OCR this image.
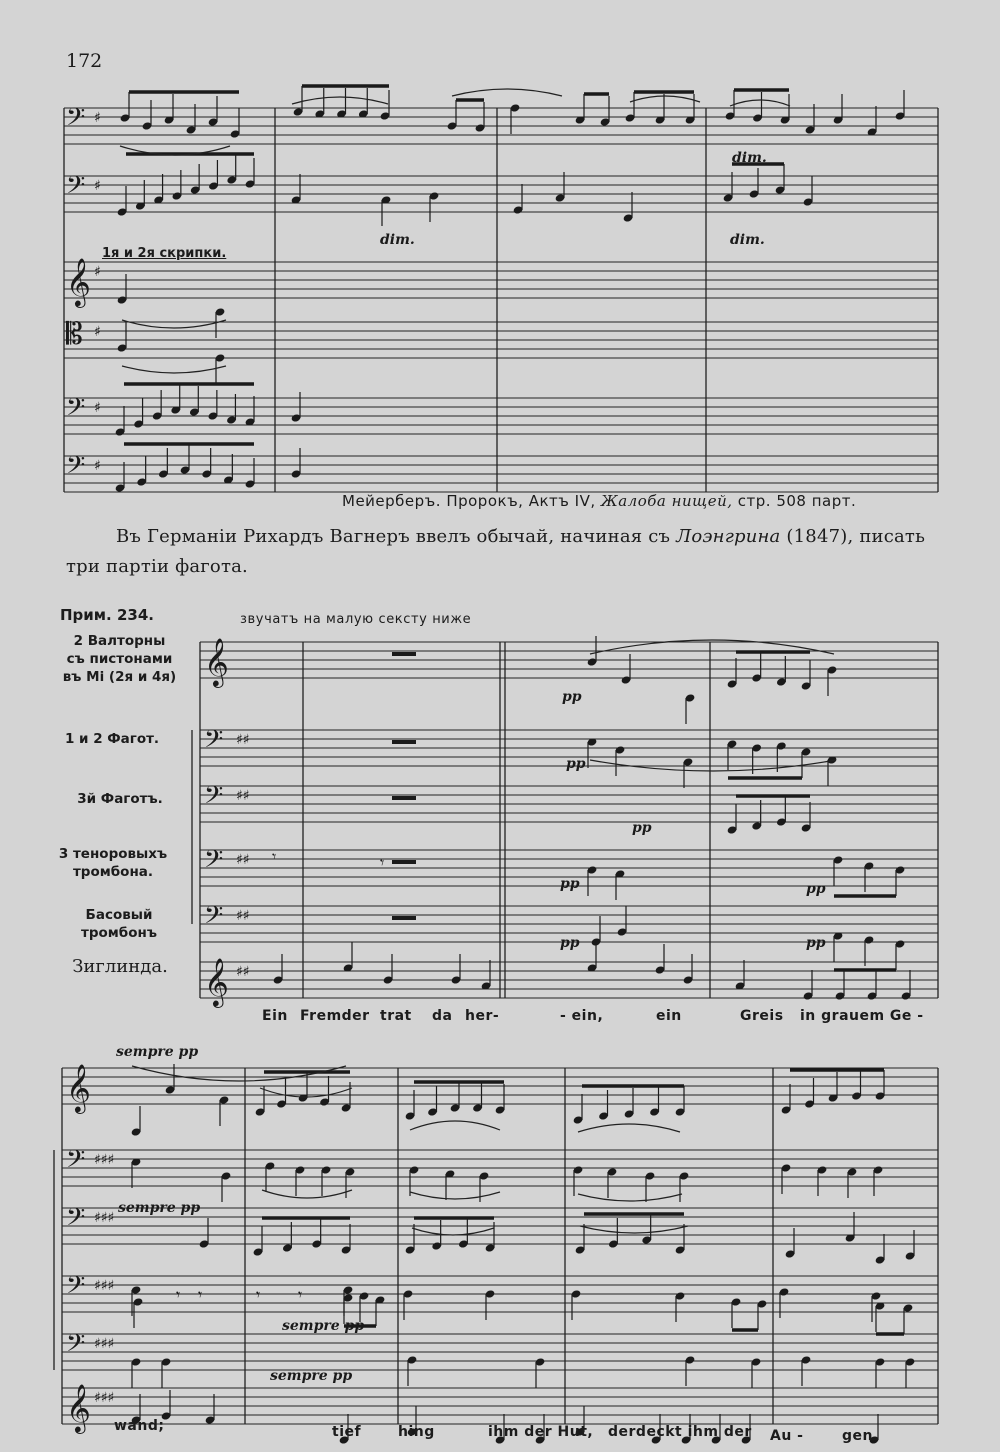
172
1я и 2я скрипки.
𝄢 ♯
𝄢 ♯
𝄞 ♯
𝄡 ♯
𝄢 ♯
𝄢 ♯
dim.
dim.	dim.
𝄞
𝄢 ♯♯
𝄢 ♯♯
𝄢 ♯♯
𝄢 ♯♯
𝄞 ♯♯
pp
pp
pp
pp	pp
pp	pp
𝄾	𝄾
𝄞
𝄢 ♯♯♯
𝄢 ♯♯♯
𝄢 ♯♯♯
𝄢 ♯♯♯
𝄞 ♯♯♯
sempre pp
sempre pp
sempre pp
sempre pp
𝄾 𝄾	𝄾 𝄾
Мейерберъ. Пророкъ, Актъ IV, Жалоба нищей, стр. 508 парт.
Въ Германіи Рихардъ Вагнеръ ввелъ обычай, начиная съ Лоэнгрина (1847), писать три партіи фагота.
Прим. 234.	звучатъ на малую сексту ниже
2 Валторны
съ пистонами
въ Mi (2я и 4я)
1 и 2 Фагот.
3й Фаготъ.
3 теноровыхъ
тромбона.
Басовый тромбонъ
Зиглинда.
Ein Fremder trat da her-	- ein,	ein	Greis in grauem Ge -
wand;	tief	hing	ihm der Hut, derdeckt ihm der Au -	gen
